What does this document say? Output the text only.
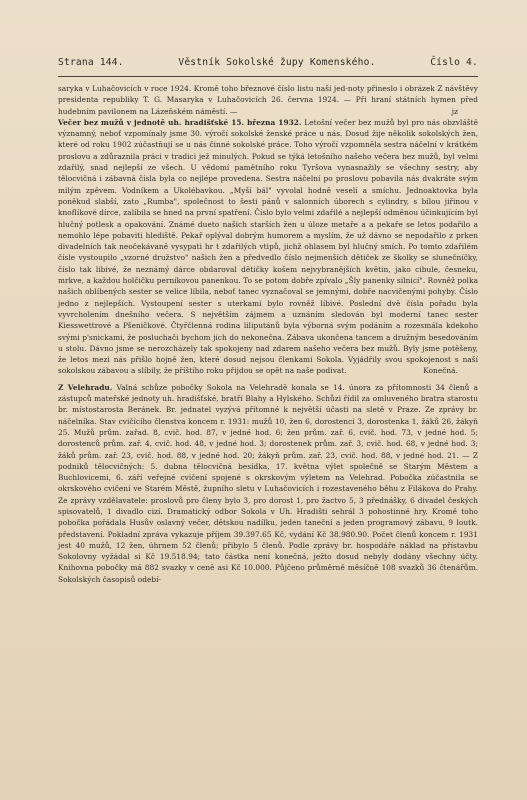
Strana 144.	Věstník Sokolské župy Komenského.	Číslo 4.

saryka v Luhačovicích v roce 1924. Kromě toho březnové číslo listu naší jed-noty přineslo i obrázek Z návštěvy presidenta republiky T. G. Masaryka v Luhačovicích 26. června 1924. — Při hraní státních hymen před hudebním pavilonem na Lázeňském náměstí. —	jz

Večer bez mužů v jednotě uh. hradišťské 15. března 1932. Letošní večer bez mužů byl pro nás obzvláště významný, neboť vzpomínaly jsme 30. výročí sokolské ženské práce u nás. Dosud žije několik sokolských žen, které od roku 1902 zúčastňují se u nás činné sokolské práce. Toho výročí vzpomněla sestra náčelní v krátkém proslovu a zdůraznila práci v tradici jež minulých. Pokud se týká letošního našeho večera bez mužů, byl velmi zdařilý, snad nejlepší ze všech. U vědomí pamětního roku Tyršova vynasnažily se všechny sestry, aby tělocvičná i zábavná čísla byla co nejlépe provedena. Sestra náčelní po proslovu pobavila nás dvakráte svým milým zpěvem. Vodníkem a Ukolébavkou. „Myší bál" vyvolal hodně veselí a smíchu. Jednoaktovka byla poněkud slabší, zato „Rumba", společnost to šesti pánů v salonních úborech s cylindry, s bílou jiřinou v knoflíkové dírce, zalíbila se hned na první spatření. Číslo bylo velmi zdařilé a nejlepší odměnou účinkujícím byl hlučný potlesk a opakování. Známé dueto našich starších žen u úloze metaře a a pekaře se letos podařilo a nemohlo lépe pobaviti hlediště. Pekař oplýval dobrým humorem a myslím, že už dávno se nepodařilo z prken divadelních tak neočekávaně vysypati hr t zdařilých vtipů, jichž ohlasem byl hlučný smích. Po tomto zdařilém čísle vystoupilo „vzorné družstvo" našich žen a předvedlo číslo nejmenších dětiček ze školky se slunečníčky, číslo tak libivé, že neznámý dárce obdaroval dětičky košem nejvybranějších květin, jako cibule, česneku, mrkve, a každou holčičku perníkovou panenkou. To se potom dobře zpívalo „Šly panenky silnicí". Rovněž polka našich oblíbených sester se velice líbila, neboť tanec vyznačoval se jemnými, dobře nacvičenými pohyby. Číslo jedno z nejlepších. Vystoupení sester s uterkami bylo rovněž líbivé. Poslední dvě čísla pořadu byla vyvrcholením dnešního večera. S největším zájmem a uznáním sledován byl moderní tanec sester Kiesswettrové a Pšeničkové. Čtyřčlenná rodina liliputánů byla výborná svým podáním a rozesmála kdekoho svými p'snickami, že posluchači bychom jich do nekonečna. Zábava ukončena tancem a družným besedováním u stolu. Dávno jsme se nerozcházely tak spokojeny nad zdarem našeho večera bez mužů. Byly jsme potěšeny, že letos mezi nás přišlo hojně žen, které dosud nejsou členkami Sokola. Vyjádřily svou spokojenost s naší sokolskou zábavou a slíbily, že příštího roku přijdou se opět na naše podivat.	Konečná.

Z Velehradu. Valná schůze pobočky Sokola na Velehradě konala se 14. února za přítomnosti 34 členů a zástupců mateřské jednoty uh. hradišťské, bratří Blahy a Hylského. Schůzi řídil za omluveného bratra starostu br. místostarosta Beránek. Br. jednatel vyzývá přítomné k největší účasti na sletě v Praze. Ze zprávy br. náčelníka. Stav cvičícího členstva koncem r. 1931: mužů 10, žen 6, dorostenci 3, dorostenka 1, žáků 26, žákyň 25. Mužů prům. zařad. 8, cvič. hod. 87, v jedné hod. 6; žen prům. zař. 6, cvič. hod. 73, v jedné hod. 5; dorostenců prům. zař. 4, cvič. hod. 48, v jedné hod. 3; dorostenek prům. zař. 3, cvič. hod. 68, v jedné hod. 3; žáků prům. zař. 23, cvič. hod. 88, v jedné hod. 20; žákyň prům. zař. 23, cvič. hod. 88, v jedné hod. 21. — Z podniků tělocvičných: 5. dubna tělocvičná besídka, 17. května výlet společně se Starým Městem a Buchlovicemi, 6. září veřejné cvičení spojené s okrskovým výletem na Velehrad. Pobočka zúčastnila se okrskového cvičení ve Starém Městě, župního sletu v Luhačovicích i rozestaveného běhu z Filákova do Prahy. Ze zprávy vzdělavatele: proslovů pro členy bylo 3, pro dorost 1, pro žactvo 5, 3 přednášky, 6 divadel českých spisovatelů, 1 divadlo cizí. Dramatický odbor Sokola v Uh. Hradišti sehrál 3 pohostinné hry. Kromě toho pobočka pořádala Husův oslavný večer, dětskou nadílku, jeden taneční a jeden programový zábavu, 9 loutk. představení. Pokladní zpráva vykazuje příjem 39.397.65 Kč, vydání Kč 38.980.90. Počet členů koncem r. 1931 jest 40 mužů, 12 žen, úhrnem 52 členů; přibylo 5 členů. Podle zprávy br. hospodáře náklad na přístavbu Sokolovny vyžádal si Kč 19.518.94; tato částka není konečná, ježto dosud nebyly dodány všechny účty. Knihovna pobočky má 882 svazky v ceně asi Kč 10.000. Půjčeno průměrně měsíčně 108 svazků 36 čtenářům. Sokolských časopisů odebí-
